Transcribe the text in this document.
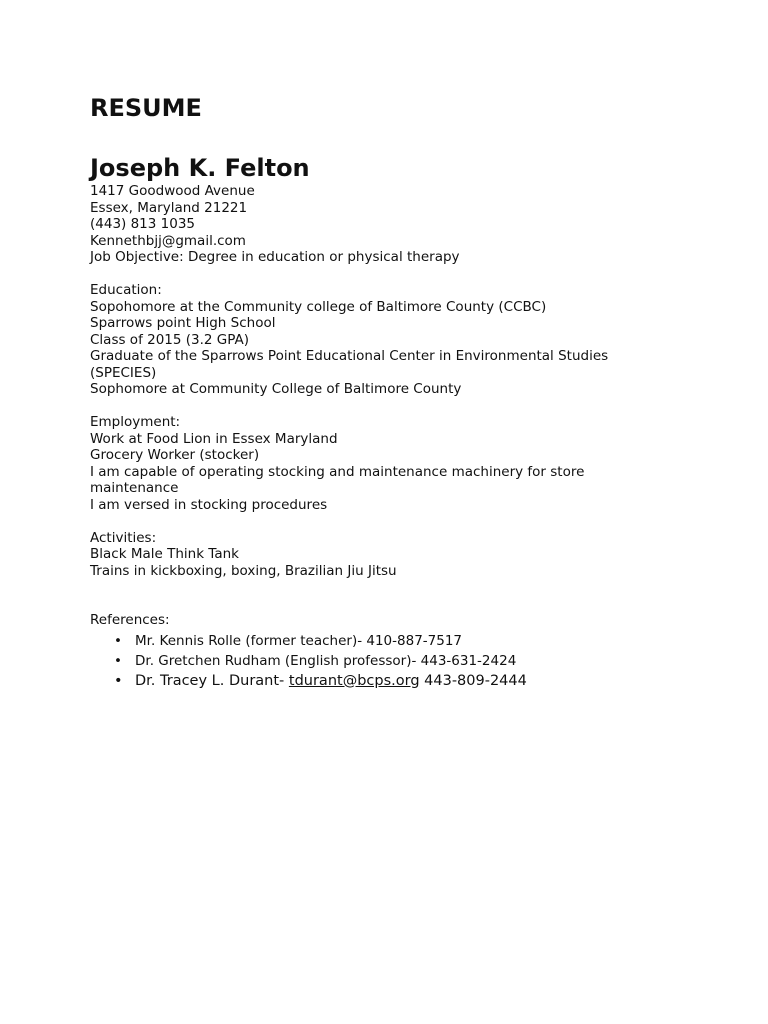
RESUME
Joseph K. Felton
1417 Goodwood Avenue
Essex, Maryland 21221
(443) 813 1035
Kennethbjj@gmail.com
Job Objective: Degree in education or physical therapy
Education:
Sopohomore at the Community college of Baltimore County (CCBC)
Sparrows point High School
Class of 2015 (3.2 GPA)
Graduate of the Sparrows Point Educational Center in Environmental Studies (SPECIES)
Sophomore at Community College of Baltimore County
Employment:
Work at Food Lion in Essex Maryland
Grocery Worker (stocker)
I am capable of operating stocking and maintenance machinery for store maintenance
I am versed in stocking procedures
Activities:
Black Male Think Tank
Trains in kickboxing, boxing, Brazilian Jiu Jitsu
References:
• Mr. Kennis Rolle (former teacher)- 410-887-7517
• Dr. Gretchen Rudham (English professor)- 443-631-2424
• Dr. Tracey L. Durant- tdurant@bcps.org 443-809-2444
